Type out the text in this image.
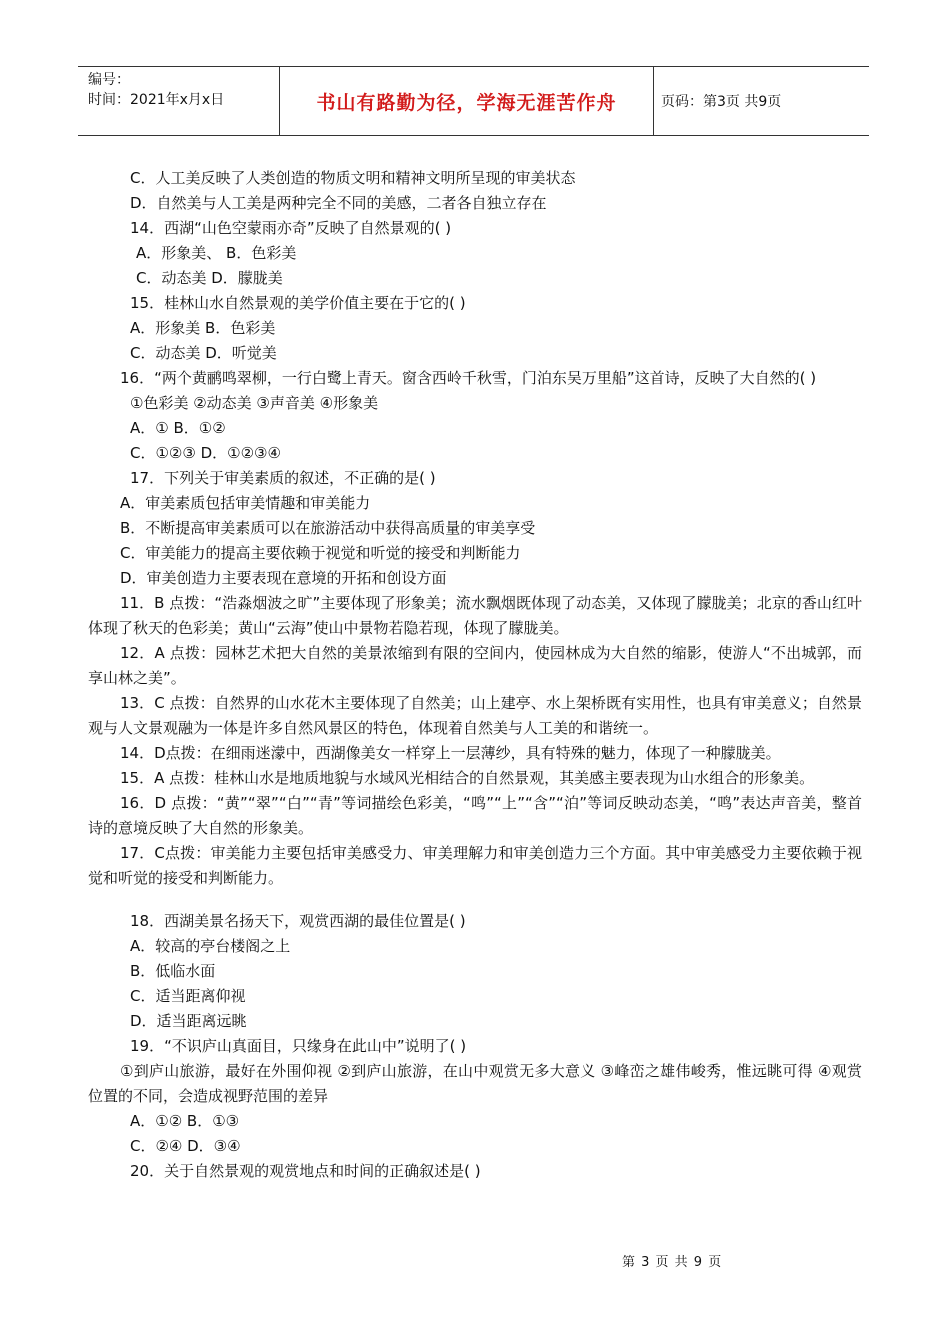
编号：
时间：2021年x月x日	书山有路勤为径，学海无涯苦作舟	页码：第3页 共9页
C．人工美反映了人类创造的物质文明和精神文明所呈现的审美状态
D．自然美与人工美是两种完全不同的美感，二者各自独立存在
14．西湖“山色空蒙雨亦奇”反映了自然景观的( )
A．形象美、 B．色彩美
C．动态美 D．朦胧美
15．桂林山水自然景观的美学价值主要在于它的( )
A．形象美 B．色彩美
C．动态美 D．听觉美
16．“两个黄鹂鸣翠柳，一行白鹭上青天。窗含西岭千秋雪，门泊东吴万里船”这首诗，反映了大自然的( )
①色彩美 ②动态美 ③声音美 ④形象美
A．① B．①②
C．①②③ D．①②③④
17．下列关于审美素质的叙述，不正确的是( )
A．审美素质包括审美情趣和审美能力
B．不断提高审美素质可以在旅游活动中获得高质量的审美享受
C．审美能力的提高主要依赖于视觉和听觉的接受和判断能力
D．审美创造力主要表现在意境的开拓和创设方面
11．B 点拨：“浩淼烟波之旷”主要体现了形象美；流水飘烟既体现了动态美，又体现了朦胧美；北京的香山红叶体现了秋天的色彩美；黄山“云海”使山中景物若隐若现，体现了朦胧美。
12．A 点拨：园林艺术把大自然的美景浓缩到有限的空间内，使园林成为大自然的缩影，使游人“不出城郭，而享山林之美”。
13．C 点拨：自然界的山水花木主要体现了自然美；山上建亭、水上架桥既有实用性，也具有审美意义；自然景观与人文景观融为一体是许多自然风景区的特色，体现着自然美与人工美的和谐统一。
14．D点拨：在细雨迷濛中，西湖像美女一样穿上一层薄纱，具有特殊的魅力，体现了一种朦胧美。
15．A 点拨：桂林山水是地质地貌与水域风光相结合的自然景观，其美感主要表现为山水组合的形象美。
16．D 点拨：“黄”“翠”“白”“青”等词描绘色彩美，“鸣”“上”“含”“泊”等词反映动态美，“鸣”表达声音美，整首诗的意境反映了大自然的形象美。
17．C点拨：审美能力主要包括审美感受力、审美理解力和审美创造力三个方面。其中审美感受力主要依赖于视觉和听觉的接受和判断能力。
18．西湖美景名扬天下，观赏西湖的最佳位置是( )
A．较高的亭台楼阁之上
B．低临水面
C．适当距离仰视
D．适当距离远眺
19．“不识庐山真面目，只缘身在此山中”说明了( )
①到庐山旅游，最好在外围仰视 ②到庐山旅游，在山中观赏无多大意义 ③峰峦之雄伟峻秀，惟远眺可得 ④观赏位置的不同，会造成视野范围的差异
A．①② B．①③
C．②④ D．③④
20．关于自然景观的观赏地点和时间的正确叙述是( )
第 3 页 共 9 页
